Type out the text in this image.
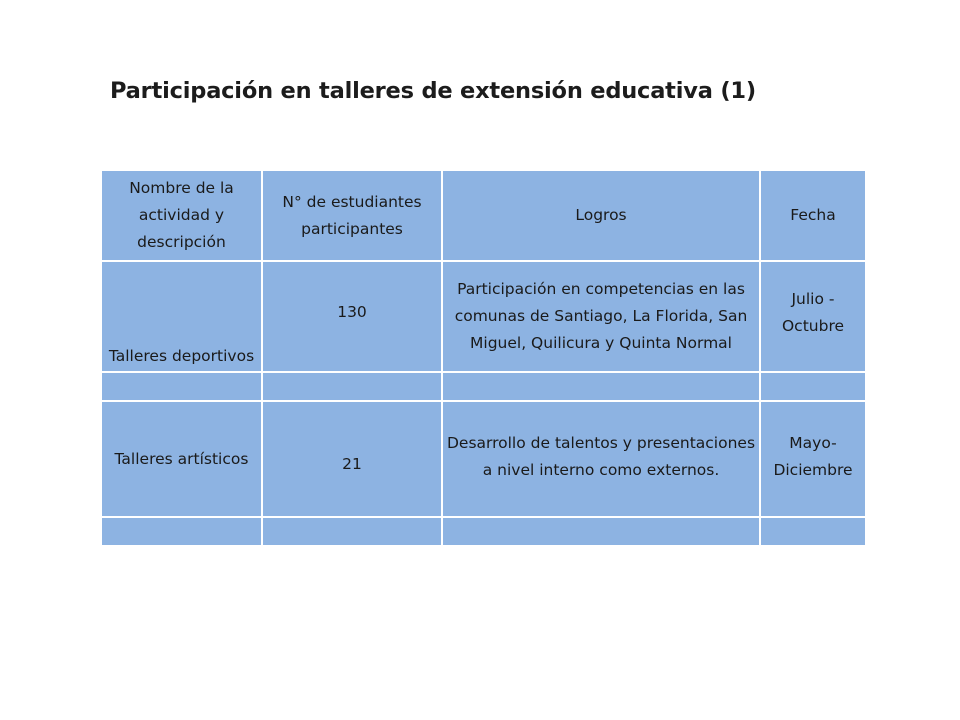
Participación en talleres de extensión educativa (1)
Nombre de la actividad y descripción
N° de estudiantes participantes
Logros	Fecha
Talleres deportivos
130
Participación en competencias en las comunas de Santiago, La Florida, San Miguel, Quilicura y Quinta Normal
Julio - Octubre
Talleres artísticos	21
Desarrollo de talentos y presentaciones a nivel interno como externos.
Mayo- Diciembre
